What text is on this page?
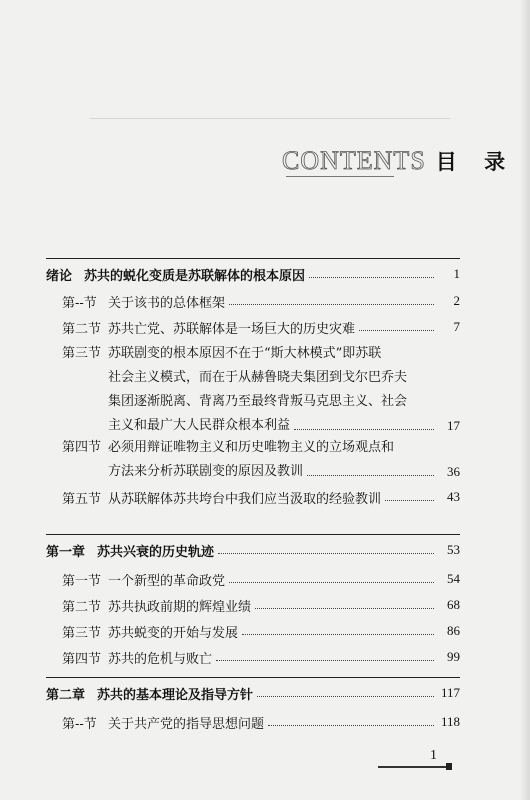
CONTENTS 目 录
绪论 苏共的蜕化变质是苏联解体的根本原因	1
第--节 关于该书的总体框架	2
第二节 苏共亡党、苏联解体是一场巨大的历史灾难	7
第三节 苏联剧变的根本原因不在于“斯大林模式”即苏联
社会主义模式，而在于从赫鲁晓夫集团到戈尔巴乔夫
集团逐渐脱离、背离乃至最终背叛马克思主义、社会
主义和最广大人民群众根本利益	17
第四节 必须用辩证唯物主义和历史唯物主义的立场观点和
方法来分析苏联剧变的原因及教训	36
第五节 从苏联解体苏共垮台中我们应当汲取的经验教训	43
第一章 苏共兴衰的历史轨迹	53
第一节 一个新型的革命政党	54
第二节 苏共执政前期的辉煌业绩	68
第三节 苏共蜕变的开始与发展	86
第四节 苏共的危机与败亡	99
第二章 苏共的基本理论及指导方针	117
第--节 关于共产党的指导思想问题	118
1
